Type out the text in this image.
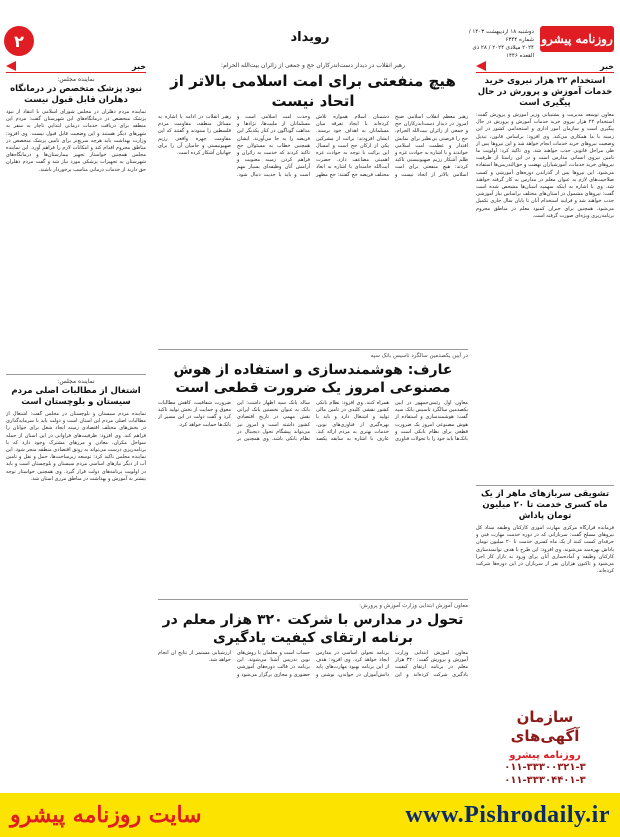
۲	رویداد	روزنامه پیشرو
دوشنبه ۱۸ اردیبهشت ۱۴۰۳ / شماره ۶۳۴۴
۲۰۲۴ میلادی ۲۰۲۴ / ۲۸ ذی القعده ۱۴۴۶
خبر
استخدام ۲۲ هزار نیروی خرید خدمات آموزش و پرورش در حال پیگیری است
معاون توسعه مدیریت و پشتیبانی وزیر آموزش و پرورش گفت: استخدام ۲۲ هزار نیروی خرید خدمات آموزش و پرورش در حال پیگیری است و سازمان امور اداری و استخدامی کشور در این زمینه با ما همکاری می‌کند. وی افزود: براساس قانون، تبدیل وضعیت نیروهای خرید خدمات انجام خواهد شد و این نیروها پس از طی مراحل قانونی جذب خواهند شد. وی تاکید کرد: اولویت ما تامین نیروی انسانی مدارس است و در این راستا از ظرفیت نیروهای خرید خدمات، آموزشیاران نهضت و حق‌التدریس‌ها استفاده می‌شود. این نیروها پس از گذراندن دوره‌های آموزشی و کسب صلاحیت‌های لازم به عنوان معلم در مدارس به کار گرفته خواهند شد. وی با اشاره به اینکه سهمیه استان‌ها مشخص شده است گفت: نیروهای مشمول در استان‌های مختلف براساس نیاز آموزشی جذب خواهند شد و فرایند استخدام آنان تا پایان سال جاری تکمیل می‌شود. همچنین برای جبران کمبود معلم در مناطق محروم برنامه‌ریزی ویژه‌ای صورت گرفته است.
تشویقی سربازهای ماهر از یک ماه کسری خدمت تا ۲۰ میلیون تومان پاداش
فرمانده قرارگاه مرکزی مهارت آموزی کارکنان وظیفه ستاد کل نیروهای مسلح گفت: سربازانی که در دوره خدمت مهارت فنی و حرفه‌ای کسب کنند از یک ماه کسری خدمت تا ۲۰ میلیون تومان پاداش بهره‌مند می‌شوند. وی افزود: این طرح با هدف توانمندسازی کارکنان وظیفه و آماده‌سازی آنان برای ورود به بازار کار اجرا می‌شود و تاکنون هزاران نفر از سربازان در این دوره‌ها شرکت کرده‌اند.
سازمان
آگهی‌های
روزنامه پیشرو
۰۱۱-۳۳۳۰۰۳۲۱-۳
۰۱۱-۳۳۳۰۴۴۰۱-۳
رهبر انقلاب در دیدار دست‌اندرکاران حج و جمعی از زائران بیت‌الله الحرام:
هیچ منفعتی برای امت اسلامی بالاتر از اتحاد نیست
رهبر معظم انقلاب اسلامی صبح امروز در دیدار دست‌اندرکاران حج و جمعی از زائران بیت‌الله الحرام، حج را فرصتی بی‌نظیر برای نمایش اقتدار و عظمت امت اسلامی خواندند و با اشاره به حوادث غزه و ظلم آشکار رژیم صهیونیستی تاکید کردند: هیچ منفعتی برای امت اسلامی بالاتر از اتحاد نیست و دشمنان اسلام همواره تلاش کرده‌اند با ایجاد تفرقه میان مسلمانان به اهداف خود برسند. ایشان افزودند: برائت از مشرکین یکی از ارکان حج است و امسال این برائت با توجه به حوادث غزه اهمیتی مضاعف دارد. حضرت آیت‌الله خامنه‌ای با اشاره به ابعاد مختلف فریضه حج گفتند: حج مظهر وحدت امت اسلامی است و مسلمانان از ملیت‌ها، نژادها و مذاهب گوناگون در کنار یکدیگر این فریضه را به جا می‌آورند. ایشان همچنین خطاب به مسئولان حج تاکید کردند که خدمت به زائران و فراهم کردن زمینه معنویت و آرامش آنان وظیفه‌ای بسیار مهم است و باید با جدیت دنبال شود. رهبر انقلاب در ادامه با اشاره به مسائل منطقه، مقاومت مردم فلسطین را ستودند و گفتند که این مقاومت چهره واقعی رژیم صهیونیستی و حامیان آن را برای جهانیان آشکار کرده است.
در آیین یکصدمین سالگرد تاسیس بانک سپه
عارف: هوشمندسازی و استفاده از هوش مصنوعی امروز یک ضرورت قطعی است
معاون اول رئیس‌جمهور در آیین یکصدمین سالگرد تاسیس بانک سپه گفت: هوشمندسازی و استفاده از هوش مصنوعی امروز یک ضرورت قطعی برای نظام بانکی است و بانک‌ها باید خود را با تحولات فناوری همراه کنند. وی افزود: نظام بانکی کشور نقشی کلیدی در تامین مالی تولید و اشتغال دارد و باید با بهره‌گیری از فناوری‌های نوین، خدمات بهتری به مردم ارائه کند. عارف با اشاره به سابقه یکصد ساله بانک سپه اظهار داشت: این بانک به عنوان نخستین بانک ایرانی نقش مهمی در تاریخ اقتصادی کشور داشته است و امروز نیز می‌تواند پیشگام تحول دیجیتال در نظام بانکی باشد. وی همچنین بر ضرورت شفافیت، کاهش مطالبات معوق و حمایت از بخش تولید تاکید کرد و گفت دولت در این مسیر از بانک‌ها حمایت خواهد کرد.
معاون آموزش ابتدایی وزارت آموزش و پرورش:
تحول در مدارس با شرکت ۳۲۰ هزار معلم در برنامه ارتقای کیفیت یادگیری
معاون آموزش ابتدایی وزارت آموزش و پرورش گفت: ۳۲۰ هزار معلم در برنامه ارتقای کیفیت یادگیری شرکت کرده‌اند و این برنامه تحولی اساسی در مدارس ایجاد خواهد کرد. وی افزود: هدف از این برنامه بهبود مهارت‌های پایه دانش‌آموزان در خواندن، نوشتن و حساب است و معلمان با روش‌های نوین تدریس آشنا می‌شوند. این برنامه در قالب دوره‌های آموزشی حضوری و مجازی برگزار می‌شود و ارزشیابی مستمر از نتایج آن انجام خواهد شد.
خبر
نماینده مجلس:
نبود پزشک متخصص در درمانگاه دهلران قابل قبول نیست
نماینده مردم دهلران در مجلس شورای اسلامی با انتقاد از نبود پزشک متخصص در درمانگاه‌های این شهرستان گفت: مردم این منطقه برای دریافت خدمات درمانی ابتدایی ناچار به سفر به شهرهای دیگر هستند و این وضعیت قابل قبول نیست. وی افزود: وزارت بهداشت باید هرچه سریع‌تر برای تامین پزشک متخصص در مناطق محروم اقدام کند و امکانات لازم را فراهم آورد. این نماینده مجلس همچنین خواستار تجهیز بیمارستان‌ها و درمانگاه‌های شهرستان به تجهیزات پزشکی مورد نیاز شد و گفت مردم دهلران حق دارند از خدمات درمانی مناسب برخوردار باشند.
نماینده مجلس:
اشتغال از مطالبات اصلی مردم سیستان و بلوچستان است
نماینده مردم سیستان و بلوچستان در مجلس گفت: اشتغال از مطالبات اصلی مردم این استان است و دولت باید با سرمایه‌گذاری در بخش‌های مختلف اقتصادی زمینه ایجاد شغل برای جوانان را فراهم کند. وی افزود: ظرفیت‌های فراوانی در این استان از جمله سواحل مکران، معادن و مرزهای مشترک وجود دارد که با برنامه‌ریزی درست می‌تواند به رونق اقتصادی منطقه منجر شود. این نماینده مجلس تاکید کرد: توسعه زیرساخت‌ها، حمل و نقل و تامین آب از دیگر نیازهای اساسی مردم سیستان و بلوچستان است و باید در اولویت برنامه‌های دولت قرار گیرد. وی همچنین خواستار توجه بیشتر به آموزش و بهداشت در مناطق مرزی استان شد.
www.Pishrodaily.ir
سایت روزنامه پیشرو
